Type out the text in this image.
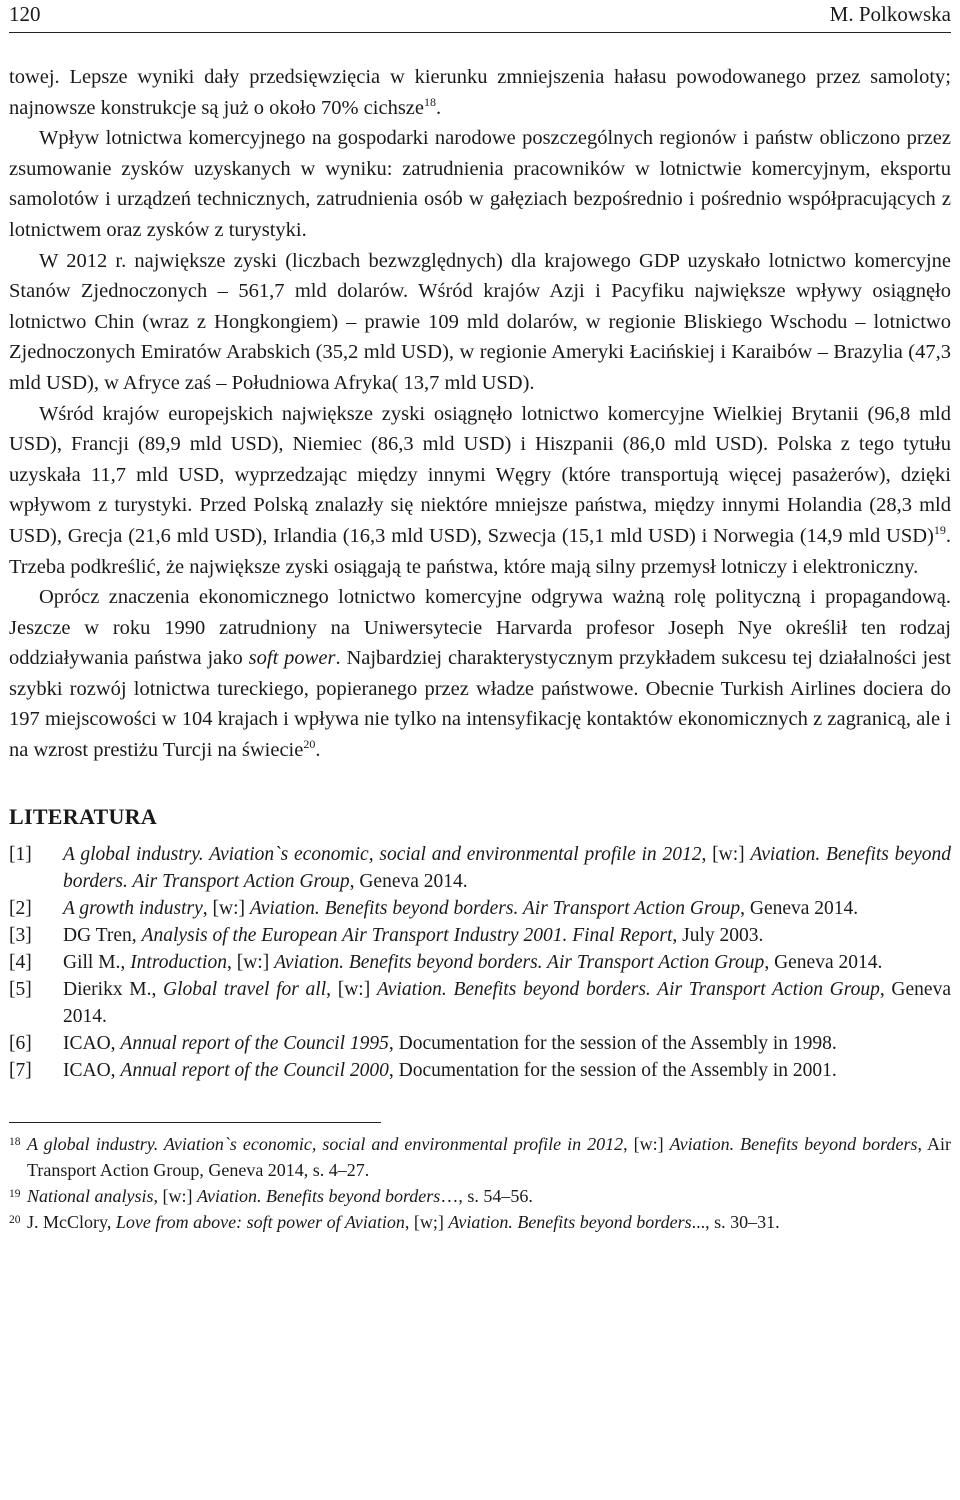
120	M. Polkowska

towej. Lepsze wyniki dały przedsięwzięcia w kierunku zmniejszenia hałasu powodowanego przez samoloty; najnowsze konstrukcje są już o około 70% cichsze$^{18}$.

Wpływ lotnictwa komercyjnego na gospodarki narodowe poszczególnych regionów i państw obliczono przez zsumowanie zysków uzyskanych w wyniku: zatrudnienia pracowników w lotnictwie komercyjnym, eksportu samolotów i urządzeń technicznych, zatrudnienia osób w gałęziach bezpośrednio i pośrednio współpracujących z lotnictwem oraz zysków z turystyki.

W 2012 r. największe zyski (liczbach bezwzględnych) dla krajowego GDP uzyskało lotnictwo komercyjne Stanów Zjednoczonych – 561,7 mld dolarów. Wśród krajów Azji i Pacyfiku największe wpływy osiągnęło lotnictwo Chin (wraz z Hongkongiem) – prawie 109 mld dolarów, w regionie Bliskiego Wschodu – lotnictwo Zjednoczonych Emiratów Arabskich (35,2 mld USD), w regionie Ameryki Łacińskiej i Karaibów – Brazylia (47,3 mld USD), w Afryce zaś – Południowa Afryka( 13,7 mld USD).

Wśród krajów europejskich największe zyski osiągnęło lotnictwo komercyjne Wielkiej Brytanii (96,8 mld USD), Francji (89,9 mld USD), Niemiec (86,3 mld USD) i Hiszpanii (86,0 mld USD). Polska z tego tytułu uzyskała 11,7 mld USD, wyprzedzając między innymi Węgry (które transportują więcej pasażerów), dzięki wpływom z turystyki. Przed Polską znalazły się niektóre mniejsze państwa, między innymi Holandia (28,3 mld USD), Grecja (21,6 mld USD), Irlandia (16,3 mld USD), Szwecja (15,1 mld USD) i Norwegia (14,9 mld USD)$^{19}$. Trzeba podkreślić, że największe zyski osiągają te państwa, które mają silny przemysł lotniczy i elektroniczny.

Oprócz znaczenia ekonomicznego lotnictwo komercyjne odgrywa ważną rolę polityczną i propagandową. Jeszcze w roku 1990 zatrudniony na Uniwersytecie Harvarda profesor Joseph Nye określił ten rodzaj oddziaływania państwa jako soft power. Najbardziej charakterystycznym przykładem sukcesu tej działalności jest szybki rozwój lotnictwa tureckiego, popieranego przez władze państwowe. Obecnie Turkish Airlines dociera do 197 miejscowości w 104 krajach i wpływa nie tylko na intensyfikację kontaktów ekonomicznych z zagranicą, ale i na wzrost prestiżu Turcji na świecie$^{20}$.

LITERATURA
[1] A global industry. Aviation`s economic, social and environmental profile in 2012, [w:] Aviation. Benefits beyond borders. Air Transport Action Group, Geneva 2014.
[2] A growth industry, [w:] Aviation. Benefits beyond borders. Air Transport Action Group, Geneva 2014.
[3] DG Tren, Analysis of the European Air Transport Industry 2001. Final Report, July 2003.
[4] Gill M., Introduction, [w:] Aviation. Benefits beyond borders. Air Transport Action Group, Geneva 2014.
[5] Dierikx M., Global travel for all, [w:] Aviation. Benefits beyond borders. Air Transport Action Group, Geneva 2014.
[6] ICAO, Annual report of the Council 1995, Documentation for the session of the Assembly in 1998.
[7] ICAO, Annual report of the Council 2000, Documentation for the session of the Assembly in 2001.
18 A global industry. Aviation`s economic, social and environmental profile in 2012, [w:] Aviation. Benefits beyond borders, Air Transport Action Group, Geneva 2014, s. 4–27.
19 National analysis, [w:] Aviation. Benefits beyond borders…, s. 54–56.
20 J. McClory, Love from above: soft power of Aviation, [w;] Aviation. Benefits beyond borders..., s. 30–31.
